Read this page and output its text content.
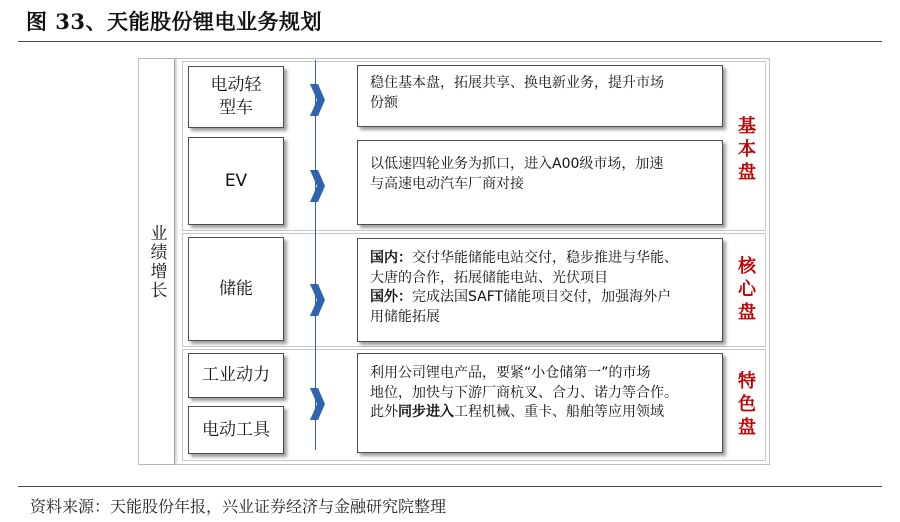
图 33、天能股份锂电业务规划
业绩增长
电动轻型车
EV
稳住基本盘，拓展共享、换电新业务，提升市场
份额
以低速四轮业务为抓口，进入A00级市场，加速
与高速电动汽车厂商对接	基本盘
储能
国内：交付华能储能电站交付，稳步推进与华能、
大唐的合作，拓展储能电站、光伏项目
国外：完成法国SAFT储能项目交付，加强海外户
用储能拓展	核心盘
工业动力
电动工具
利用公司锂电产品，要紧“小仓储第一”的市场
地位，加快与下游厂商杭叉、合力、诺力等合作。
此外同步进入工程机械、重卡、船舶等应用领域	特色盘
资料来源：天能股份年报，兴业证券经济与金融研究院整理
